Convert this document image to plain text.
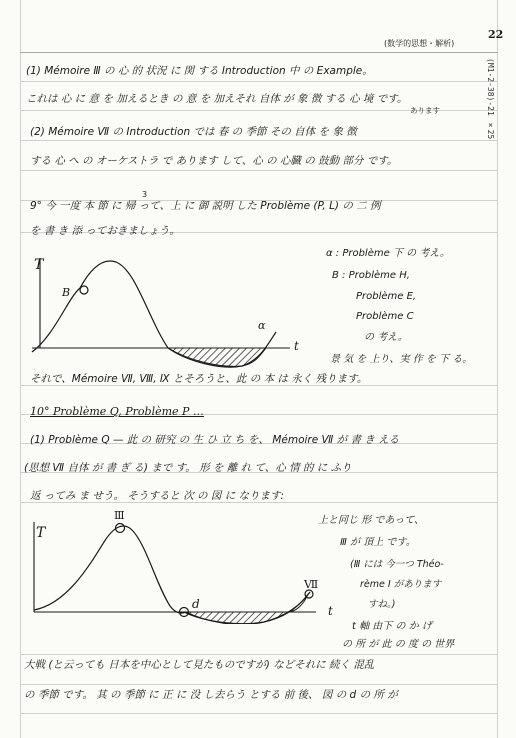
(数学的思想・解析)
22
(M1-2-38)-21 ×25
(1) Mémoire Ⅲ の 心 的 状況 に 関 する Introduction 中 の Example。
これは 心 に 意 を 加えるとき の 意 を 加えそれ 自体 が 象 徴 する 心 境 です。
あります
(2) Mémoire Ⅶ の Introduction では 春 の 季節 その 自体 を 象 徴
する 心 へ の オーケストラ で あります して、心 の 心臓 の 鼓動 部分 です。
3
9° 今 一度 本 節 に 帰 って、上 に 御 説明 した Problème (P, L) の 二 例
を 書 き 添 っておきましょう。
T
B
t
α
α : Problème 下 の 考え。
B : Problème H,
Problème E,
Problème C
の 考え。
景 気 を 上り、実 作 を 下 る。
それで、Mémoire Ⅶ, Ⅷ, Ⅸ とそろうと、此 の 本 は 永く 残ります。
10° Problème Q, Problème P …
(1) Problème Q — 此 の 研究 の 生 ひ 立 ち を、 Mémoire Ⅶ が 書 き える
(思想 Ⅶ 自体 が 書 ぎ る) まで す。 形 を 離 れ て、心 情 的 に ふり
返 ってみ ま せう。 そうすると 次 の 図 に なります:
T
Ⅲ
d
Ⅶ
t
上と同じ 形 であって、
Ⅲ が 頂上 です。
(Ⅲ には 今一つ Théo-
rème Ⅰ があります
すね。)
t 軸 由下 の か げ
の 所 が 此 の 度 の 世界
大戦 (と云っても 日本を中心として見たものですが) などそれに 続く 混乱
の 季節 です。 其 の 季節 に 正 に 没 し去らう とする 前 後、 図 の d の 所 が
